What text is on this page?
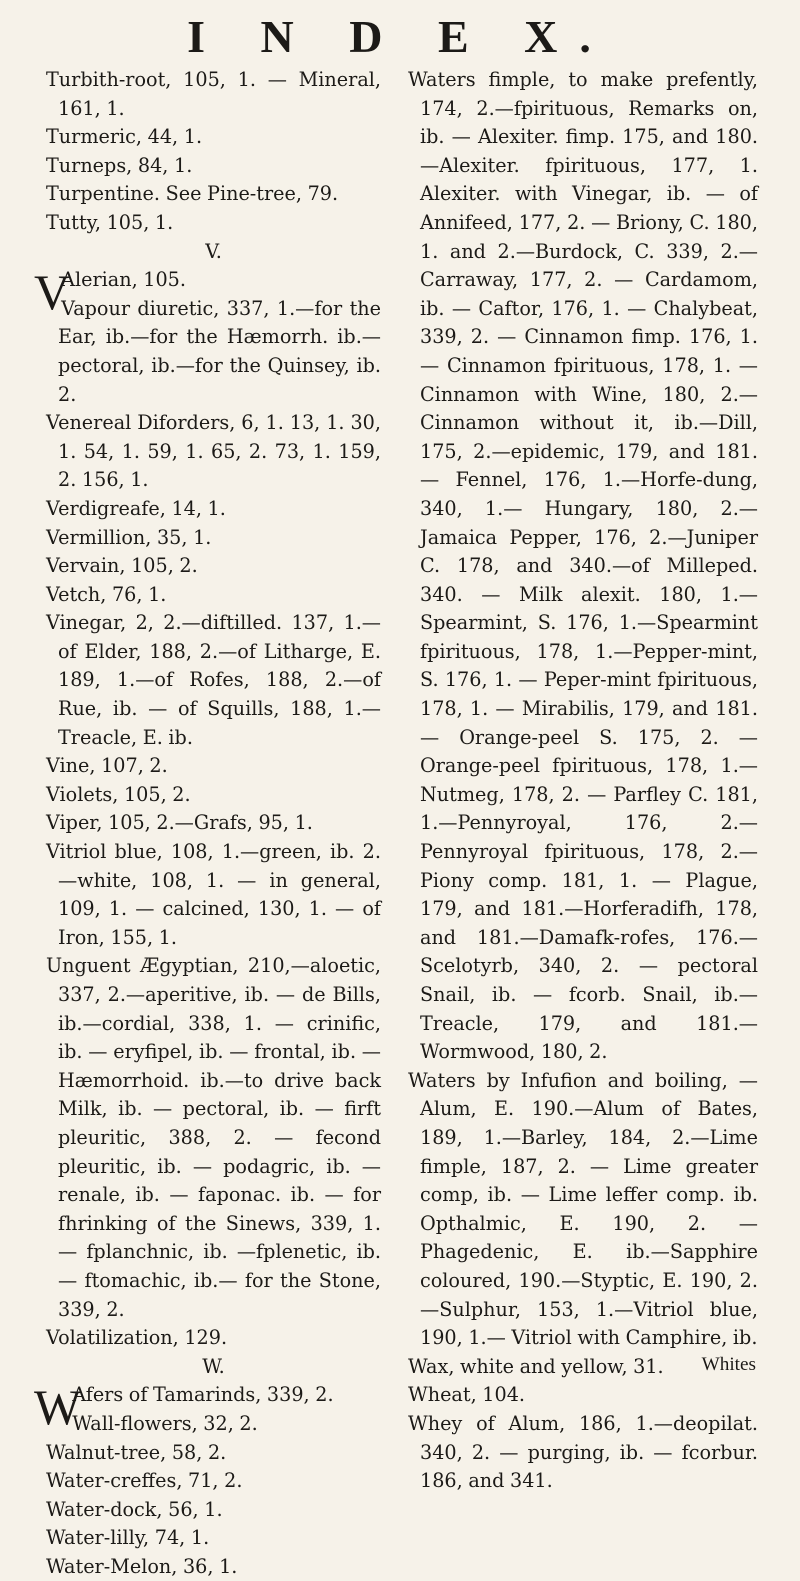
I N D E X.

Turbith-root, 105, 1. — Mineral, 161, 1.

Turmeric, 44, 1.

Turneps, 84, 1.

Turpentine. See Pine-tree, 79.

Tutty, 105, 1.

V.

V
Alerian, 105.

Vapour diuretic, 337, 1.—for the Ear, ib.—for the Hæmorrh. ib.—pectoral, ib.—for the Quinsey, ib. 2.

Venereal Diforders, 6, 1. 13, 1. 30, 1. 54, 1. 59, 1. 65, 2. 73, 1. 159, 2. 156, 1.

Verdigreafe, 14, 1.

Vermillion, 35, 1.

Vervain, 105, 2.

Vetch, 76, 1.

Vinegar, 2, 2.—diftilled. 137, 1.—of Elder, 188, 2.—of Litharge, E. 189, 1.—of Rofes, 188, 2.—of Rue, ib. — of Squills, 188, 1.— Treacle, E. ib.

Vine, 107, 2.

Violets, 105, 2.

Viper, 105, 2.—Grafs, 95, 1.

Vitriol blue, 108, 1.—green, ib. 2. —white, 108, 1. — in general, 109, 1. — calcined, 130, 1. — of Iron, 155, 1.

Unguent Ægyptian, 210,—aloetic, 337, 2.—aperitive, ib. — de Bills, ib.—cordial, 338, 1. — crinific, ib. — eryfipel, ib. — frontal, ib. — Hæmorrhoid. ib.—to drive back Milk, ib. — pectoral, ib. — firft pleuritic, 388, 2. — fecond pleuritic, ib. — podagric, ib. — renale, ib. — faponac. ib. — for fhrinking of the Sinews, 339, 1. — fplanchnic, ib. —fplenetic, ib. — ftomachic, ib.— for the Stone, 339, 2.

Volatilization, 129.

W.

W
Afers of Tamarinds, 339, 2.

Wall-flowers, 32, 2.

Walnut-tree, 58, 2.

Water-creffes, 71, 2.

Water-dock, 56, 1.

Water-lilly, 74, 1.

Water-Melon, 36, 1.

Waters fimple, to make prefently, 174, 2.—fpirituous, Remarks on, ib. — Alexiter. fimp. 175, and 180.—Alexiter. fpirituous, 177, 1. Alexiter. with Vinegar, ib. — of Annifeed, 177, 2. — Briony, C. 180, 1. and 2.—Burdock, C. 339, 2.—Carraway, 177, 2. — Cardamom, ib. — Caftor, 176, 1. — Chalybeat, 339, 2. — Cinnamon fimp. 176, 1. — Cinnamon fpirituous, 178, 1. — Cinnamon with Wine, 180, 2.—Cinnamon without it, ib.—Dill, 175, 2.—epidemic, 179, and 181. — Fennel, 176, 1.—Horfe-dung, 340, 1.— Hungary, 180, 2.—Jamaica Pepper, 176, 2.—Juniper C. 178, and 340.—of Milleped. 340. — Milk alexit. 180, 1.—Spearmint, S. 176, 1.—Spearmint fpirituous, 178, 1.—Pepper-mint, S. 176, 1. — Peper-mint fpirituous, 178, 1. — Mirabilis, 179, and 181. — Orange-peel S. 175, 2. — Orange-peel fpirituous, 178, 1.— Nutmeg, 178, 2. — Parfley C. 181, 1.—Pennyroyal, 176, 2.— Pennyroyal fpirituous, 178, 2.— Piony comp. 181, 1. — Plague, 179, and 181.—Horferadifh, 178, and 181.—Damafk-rofes, 176.— Scelotyrb, 340, 2. — pectoral Snail, ib. — fcorb. Snail, ib.— Treacle, 179, and 181.—Wormwood, 180, 2.

Waters by Infufion and boiling, — Alum, E. 190.—Alum of Bates, 189, 1.—Barley, 184, 2.—Lime fimple, 187, 2. — Lime greater comp, ib. — Lime leffer comp. ib. Opthalmic, E. 190, 2. — Phagedenic, E. ib.—Sapphire coloured, 190.—Styptic, E. 190, 2.—Sulphur, 153, 1.—Vitriol blue, 190, 1.— Vitriol with Camphire, ib.

Wax, white and yellow, 31.

Wheat, 104.

Whey of Alum, 186, 1.—deopilat. 340, 2. — purging, ib. — fcorbur. 186, and 341.

Whites
